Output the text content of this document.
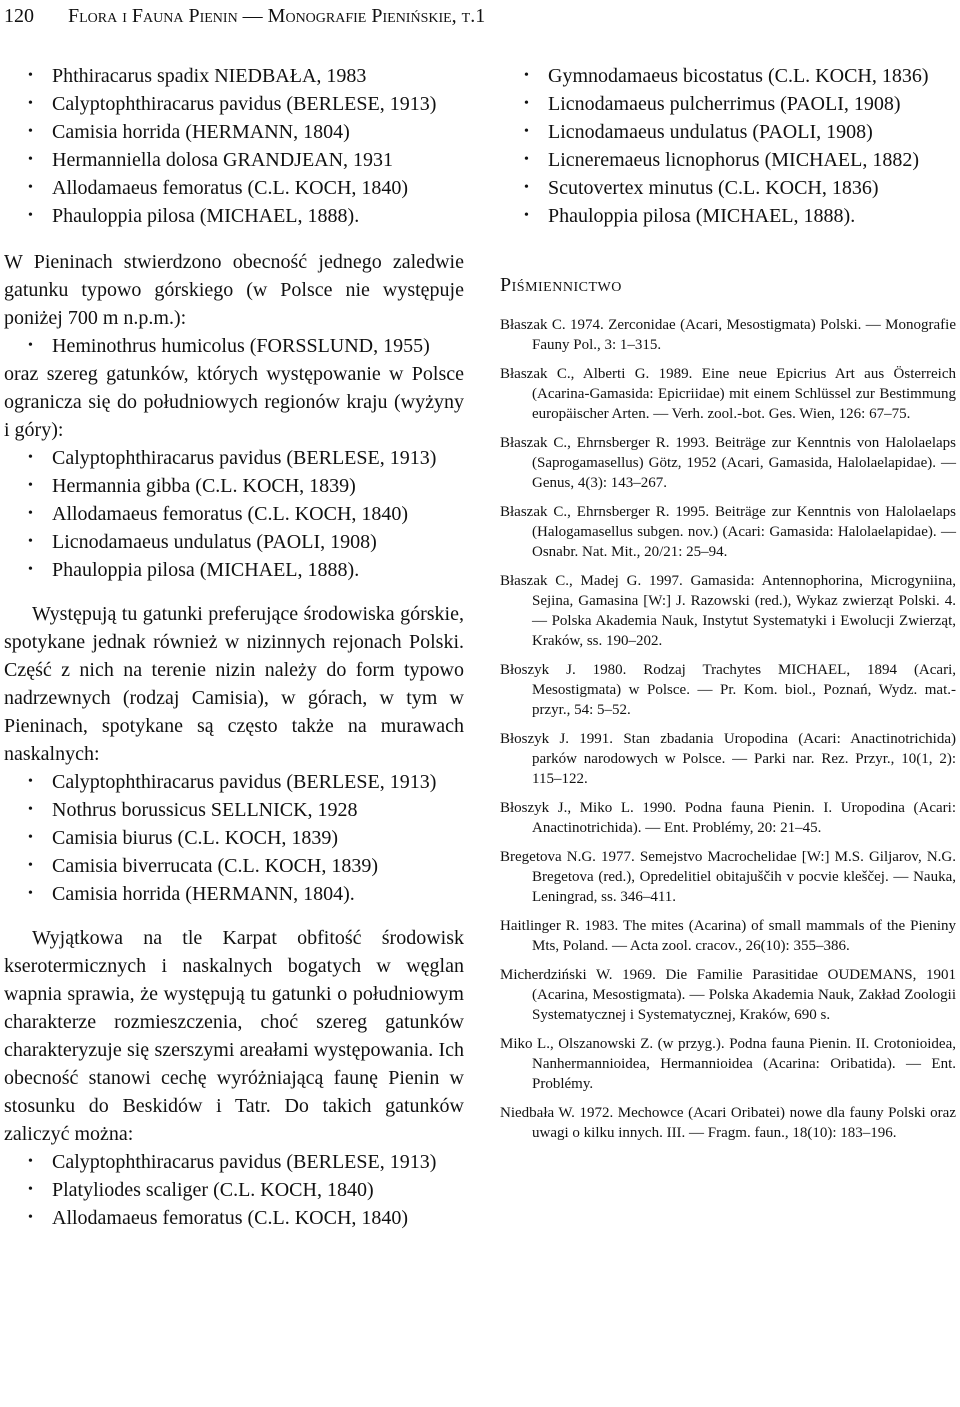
120 Flora i Fauna Pienin — Monografie Pienińskie, t.1
• Phthiracarus spadix NIEDBAŁA, 1983
• Calyptophthiracarus pavidus (BERLESE, 1913)
• Camisia horrida (HERMANN, 1804)
• Hermanniella dolosa GRANDJEAN, 1931
• Allodamaeus femoratus (C.L. KOCH, 1840)
• Phauloppia pilosa (MICHAEL, 1888).

W Pieninach stwierdzono obecność jednego zaledwie gatunku typowo górskiego (w Polsce nie występuje poniżej 700 m n.p.m.):

• Heminothrus humicolus (FORSSLUND, 1955)

oraz szereg gatunków, których występowanie w Polsce ogranicza się do południowych regionów kraju (wyżyny i góry):

• Calyptophthiracarus pavidus (BERLESE, 1913)
• Hermannia gibba (C.L. KOCH, 1839)
• Allodamaeus femoratus (C.L. KOCH, 1840)
• Licnodamaeus undulatus (PAOLI, 1908)
• Phauloppia pilosa (MICHAEL, 1888).

Występują tu gatunki preferujące środowiska górskie, spotykane jednak również w nizinnych rejonach Polski. Część z nich na terenie nizin należy do form typowo nadrzewnych (rodzaj Camisia), w górach, w tym w Pieninach, spotykane są często także na murawach naskalnych:

• Calyptophthiracarus pavidus (BERLESE, 1913)
• Nothrus borussicus SELLNICK, 1928
• Camisia biurus (C.L. KOCH, 1839)
• Camisia biverrucata (C.L. KOCH, 1839)
• Camisia horrida (HERMANN, 1804).

Wyjątkowa na tle Karpat obfitość środowisk kserotermicznych i naskalnych bogatych w węglan wapnia sprawia, że występują tu gatunki o południowym charakterze rozmieszczenia, choć szereg gatunków charakteryzuje się szerszymi areałami występowania. Ich obecność stanowi cechę wyróżniającą faunę Pienin w stosunku do Beskidów i Tatr. Do takich gatunków zaliczyć można:

• Calyptophthiracarus pavidus (BERLESE, 1913)
• Platyliodes scaliger (C.L. KOCH, 1840)
• Allodamaeus femoratus (C.L. KOCH, 1840)
• Gymnodamaeus bicostatus (C.L. KOCH, 1836)
• Licnodamaeus pulcherrimus (PAOLI, 1908)
• Licnodamaeus undulatus (PAOLI, 1908)
• Licneremaeus licnophorus (MICHAEL, 1882)
• Scutovertex minutus (C.L. KOCH, 1836)
• Phauloppia pilosa (MICHAEL, 1888).
Piśmiennictwo

Błaszak C. 1974. Zerconidae (Acari, Mesostigmata) Polski. — Monografie Fauny Pol., 3: 1–315.

Błaszak C., Alberti G. 1989. Eine neue Epicrius Art aus Österreich (Acarina-Gamasida: Epicriidae) mit einem Schlüssel zur Bestimmung europäischer Arten. — Verh. zool.-bot. Ges. Wien, 126: 67–75.

Błaszak C., Ehrnsberger R. 1993. Beiträge zur Kenntnis von Halolaelaps (Saprogamasellus) Götz, 1952 (Acari, Gamasida, Halolaelapidae). — Genus, 4(3): 143–267.

Błaszak C., Ehrnsberger R. 1995. Beiträge zur Kenntnis von Halolaelaps (Halogamasellus subgen. nov.) (Acari: Gamasida: Halolaelapidae). — Osnabr. Nat. Mit., 20/21: 25–94.

Błaszak C., Madej G. 1997. Gamasida: Antennophorina, Microgyniina, Sejina, Gamasina [W:] J. Razowski (red.), Wykaz zwierząt Polski. 4. — Polska Akademia Nauk, Instytut Systematyki i Ewolucji Zwierząt, Kraków, ss. 190–202.

Błoszyk J. 1980. Rodzaj Trachytes MICHAEL, 1894 (Acari, Mesostigmata) w Polsce. — Pr. Kom. biol., Poznań, Wydz. mat.-przyr., 54: 5–52.

Błoszyk J. 1991. Stan zbadania Uropodina (Acari: Anactinotrichida) parków narodowych w Polsce. — Parki nar. Rez. Przyr., 10(1, 2): 115–122.

Błoszyk J., Miko L. 1990. Podna fauna Pienin. I. Uropodina (Acari: Anactinotrichida). — Ent. Problémy, 20: 21–45.

Bregetova N.G. 1977. Semejstvo Macrochelidae [W:] M.S. Giljarov, N.G. Bregetova (red.), Opredelitiel obitajuščih v pocvie kleščej. — Nauka, Leningrad, ss. 346–411.

Haitlinger R. 1983. The mites (Acarina) of small mammals of the Pieniny Mts, Poland. — Acta zool. cracov., 26(10): 355–386.

Micherdziński W. 1969. Die Familie Parasitidae OUDEMANS, 1901 (Acarina, Mesostigmata). — Polska Akademia Nauk, Zakład Zoologii Systematycznej i Systematycznej, Kraków, 690 s.

Miko L., Olszanowski Z. (w przyg.). Podna fauna Pienin. II. Crotonioidea, Nanhermannioidea, Hermannioidea (Acarina: Oribatida). — Ent. Problémy.

Niedbała W. 1972. Mechowce (Acari Oribatei) nowe dla fauny Polski oraz uwagi o kilku innych. III. — Fragm. faun., 18(10): 183–196.
